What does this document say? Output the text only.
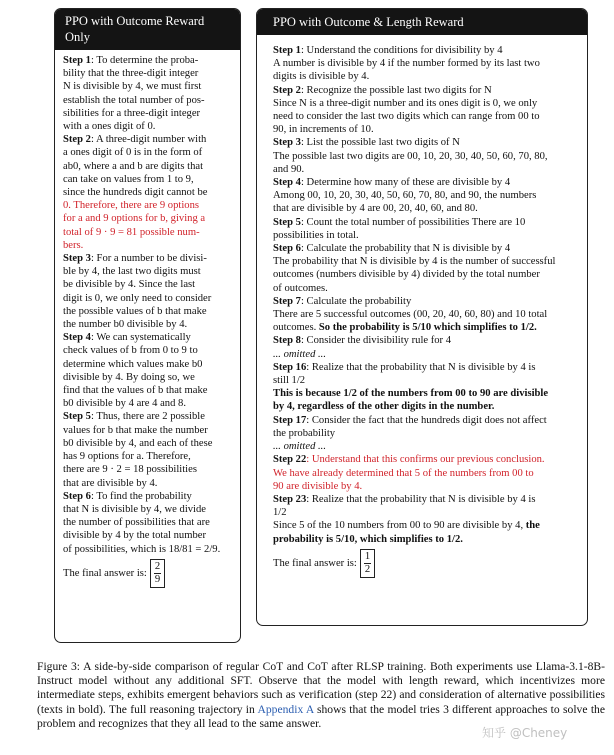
PPO with Outcome Reward Only
Step 1: To determine the proba-
bility that the three-digit integer
N is divisible by 4, we must first
establish the total number of pos-
sibilities for a three-digit integer
with a ones digit of 0.
Step 2: A three-digit number with
a ones digit of 0 is in the form of
ab0, where a and b are digits that
can take on values from 1 to 9,
since the hundreds digit cannot be
0. Therefore, there are 9 options
for a and 9 options for b, giving a
total of 9 · 9 = 81 possible num-
bers.
Step 3: For a number to be divisi-
ble by 4, the last two digits must
be divisible by 4. Since the last
digit is 0, we only need to consider
the possible values of b that make
the number b0 divisible by 4.
Step 4: We can systematically
check values of b from 0 to 9 to
determine which values make b0
divisible by 4. By doing so, we
find that the values of b that make
b0 divisible by 4 are 4 and 8.
Step 5: Thus, there are 2 possible
values for b that make the number
b0 divisible by 4, and each of these
has 9 options for a. Therefore,
there are 9 · 2 = 18 possibilities
that are divisible by 4.
Step 6: To find the probability
that N is divisible by 4, we divide
the number of possibilities that are
divisible by 4 by the total number
of possibilities, which is 18/81 = 2/9.
The final answer is: $\frac{2}{9}$
PPO with Outcome & Length Reward
Step 1: Understand the conditions for divisibility by 4
A number is divisible by 4 if the number formed by its last two
digits is divisible by 4.
Step 2: Recognize the possible last two digits for N
Since N is a three-digit number and its ones digit is 0, we only
need to consider the last two digits which can range from 00 to
90, in increments of 10.
Step 3: List the possible last two digits of N
The possible last two digits are 00, 10, 20, 30, 40, 50, 60, 70, 80,
and 90.
Step 4: Determine how many of these are divisible by 4
Among 00, 10, 20, 30, 40, 50, 60, 70, 80, and 90, the numbers
that are divisible by 4 are 00, 20, 40, 60, and 80.
Step 5: Count the total number of possibilities There are 10
possibilities in total.
Step 6: Calculate the probability that N is divisible by 4
The probability that N is divisible by 4 is the number of successful
outcomes (numbers divisible by 4) divided by the total number
of outcomes.
Step 7: Calculate the probability
There are 5 successful outcomes (00, 20, 40, 60, 80) and 10 total
outcomes. So the probability is 5/10 which simplifies to 1/2.
Step 8: Consider the divisibility rule for 4
... omitted ...
Step 16: Realize that the probability that N is divisible by 4 is
still 1/2
This is because 1/2 of the numbers from 00 to 90 are divisible
by 4, regardless of the other digits in the number.
Step 17: Consider the fact that the hundreds digit does not affect
the probability
... omitted ...
Step 22: Understand that this confirms our previous conclusion.
We have already determined that 5 of the numbers from 00 to
90 are divisible by 4.
Step 23: Realize that the probability that N is divisible by 4 is
1/2
Since 5 of the 10 numbers from 00 to 90 are divisible by 4, the
probability is 5/10, which simplifies to 1/2.
The final answer is: $\frac{1}{2}$
Figure 3: A side-by-side comparison of regular CoT and CoT after RLSP training. Both experiments use Llama-3.1-8B-Instruct model without any additional SFT. Observe that the model with length reward, which incentivizes more intermediate steps, exhibits emergent behaviors such as verification (step 22) and consideration of alternative possibilities (texts in bold). The full reasoning trajectory in Appendix A shows that the model tries 3 different approaches to solve the problem and recognizes that they all lead to the same answer.
知乎 @Cheney
